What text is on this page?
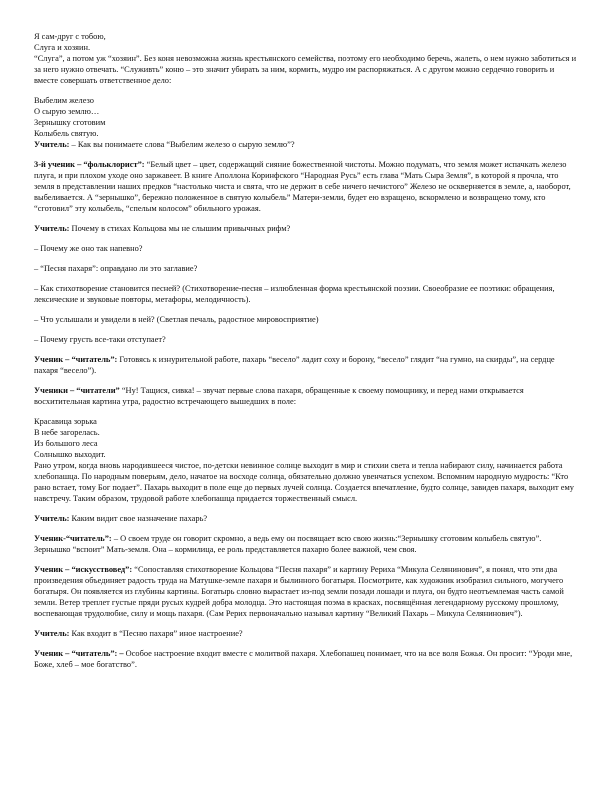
Я сам-друг с тобою,
Слуга и хозяин.

“Слуга”, а потом уж “хозяин”. Без коня невозможна жизнь крестьянского семейства, поэтому его необходимо беречь, жалеть, о нем нужно заботиться и за него нужно отвечать. “Служивть” коню – это значит убирать за ним, кормить, мудро им распоряжаться. А с другом можно сердечно говорить и вместе совершать ответственное дело:

Выбелим железо
О сырую землю…
Зернышку сготовим
Колыбель святую.

Учитель: – Как вы понимаете слова “Выбелим железо о сырую землю”?

3-й ученик – “фольклорист”: “Белый цвет – цвет, содержащий сияние божественной чистоты. Можно подумать, что земля может испачкать железо плуга, и при плохом уходе оно заржавеет. В книге Аполлона Коринфского “Народная Русь” есть глава “Мать Сыра Земля”, в которой я прочла, что земля в представлении наших предков “настолько чиста и свята, что не держит в себе ничего нечистого” Железо не оскверняется в земле, а, наоборот, выбеливается. А “зернышко”, бережно положенное в святую колыбель” Матери-земли, будет ею взращено, вскормлено и возвращено тому, кто “сготовил” эту колыбель, “спелым колосом” обильного урожая.

Учитель: Почему в стихах Кольцова мы не слышим привычных рифм?

– Почему же оно так напевно?

– “Песня пахаря”: оправдано ли это заглавие?

– Как стихотворение становится песней? (Стихотворение-песня – излюбленная форма крестьянской поэзии. Своеобразие ее поэтики: обращения, лексические и звуковые повторы, метафоры, мелодичность).

– Что услышали и увидели в ней? (Светлая печаль, радостное мировосприятие)

– Почему грусть все-таки отступает?

Ученик – “читатель”: Готовясь к изнурительной работе, пахарь “весело” ладит соху и борону, “весело” глядит “на гумно, на скирды”, на сердце пахаря “весело”).

Ученики – “читатели” “Ну! Тащися, сивка! – звучат первые слова пахаря, обращенные к своему помощнику, и перед нами открывается восхитительная картина утра, радостно встречающего вышедших в поле:

Красавица зорька
В небе загорелась.
Из большого леса
Солнышко выходит.

Рано утром, когда вновь народившееся чистое, по-детски невинное солнце выходит в мир и стихии света и тепла набирают силу, начинается работа хлебопашца. По народным поверьям, дело, начатое на восходе солнца, обязательно должно увенчаться успехом. Вспомним народную мудрость: “Кто рано встает, тому Бог подает”. Пахарь выходит в поле еще до первых лучей солнца. Создается впечатление, будто солнце, завидев пахаря, выходит ему навстречу. Таким образом, трудовой работе хлебопашца придается торжественный смысл.

Учитель: Каким видит свое назначение пахарь?

Ученик-“читатель”: – О своем труде он говорит скромно, а ведь ему он посвящает всю свою жизнь:“Зернышку сготовим колыбель святую”. Зернышко “вспоит” Мать-земля. Она – кормилица, ее роль представляется пахарю более важной, чем своя.

Ученик – “искусствовед”: “Сопоставляя стихотворение Кольцова “Песня пахаря” и картину Рериха “Микула Селянинович”, я понял, что эти два произведения объединяет радость труда на Матушке-земле пахаря и былинного богатыря. Посмотрите, как художник изобразил сильного, могучего богатыря. Он появляется из глубины картины. Богатырь словно вырастает из-под земли позади лошади и плуга, он будто неотъемлемая часть самой земли. Ветер треплет густые пряди русых кудрей добра молодца. Это настоящая поэма в красках, посвящённая легендарному русскому прошлому, воспевающая трудолюбие, силу и мощь пахаря. (Сам Рерих первоначально называл картину “Великий Пахарь – Микула Селянинович”).

Учитель: Как входит в “Песню пахаря” иное настроение?

Ученик – “читатель”: – Особое настроение входит вместе с молитвой пахаря. Хлебопашец понимает, что на все воля Божья. Он просит: “Уроди мне, Боже, хлеб – мое богатство”.
